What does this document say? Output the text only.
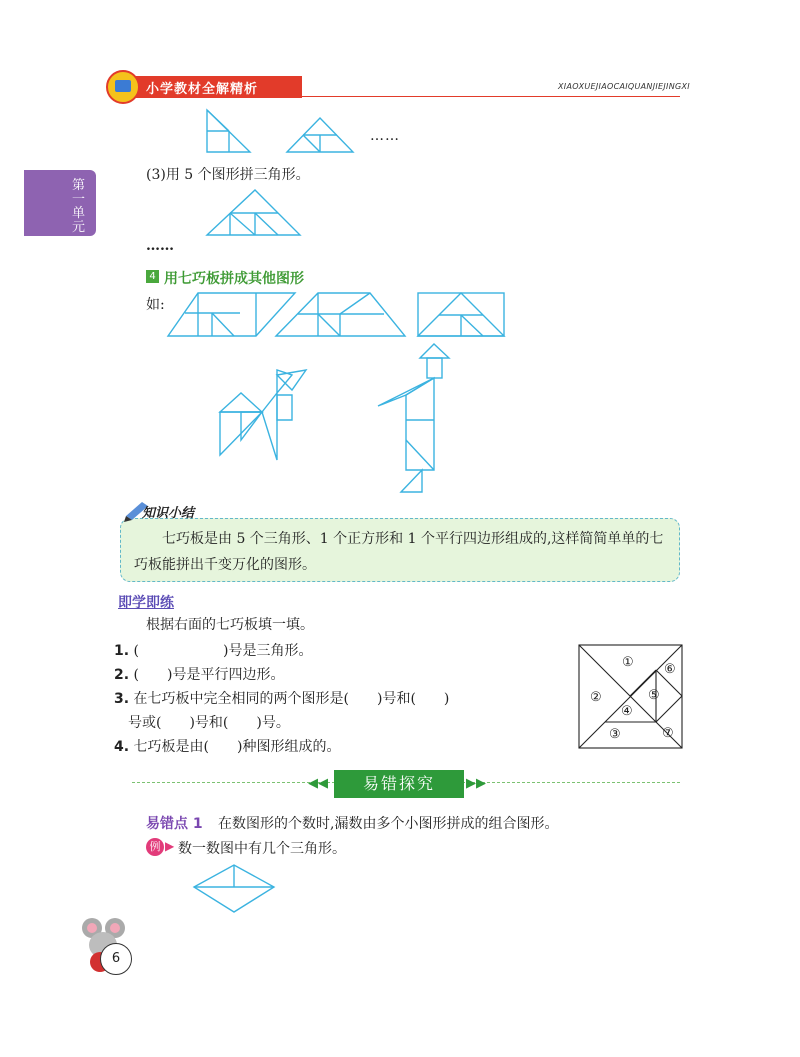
小学教材全解精析	XIAOXUEJIAOCAIQUANJIEJINGXI
第
一
单
元
……
(3)用 5 个图形拼三角形。
……
4 用七巧板拼成其他图形
如:
知识小结
七巧板是由 5 个三角形、1 个正方形和 1 个平行四边形组成的,这样简简单单的七巧板能拼出千变万化的图形。
即学即练
根据右面的七巧板填一填。
1. (　　　　　　)号是三角形。
2. (　　)号是平行四边形。
3. 在七巧板中完全相同的两个图形是(　　)号和(　　)
号或(　　)号和(　　)号。
4. 七巧板是由(　　)种图形组成的。
①
②
③
④
⑤
⑥
⑦
◀◀	易错探究	▶▶
易错点 1 在数图形的个数时,漏数由多个小图形拼成的组合图形。
例 ▶ 数一数图中有几个三角形。
6
